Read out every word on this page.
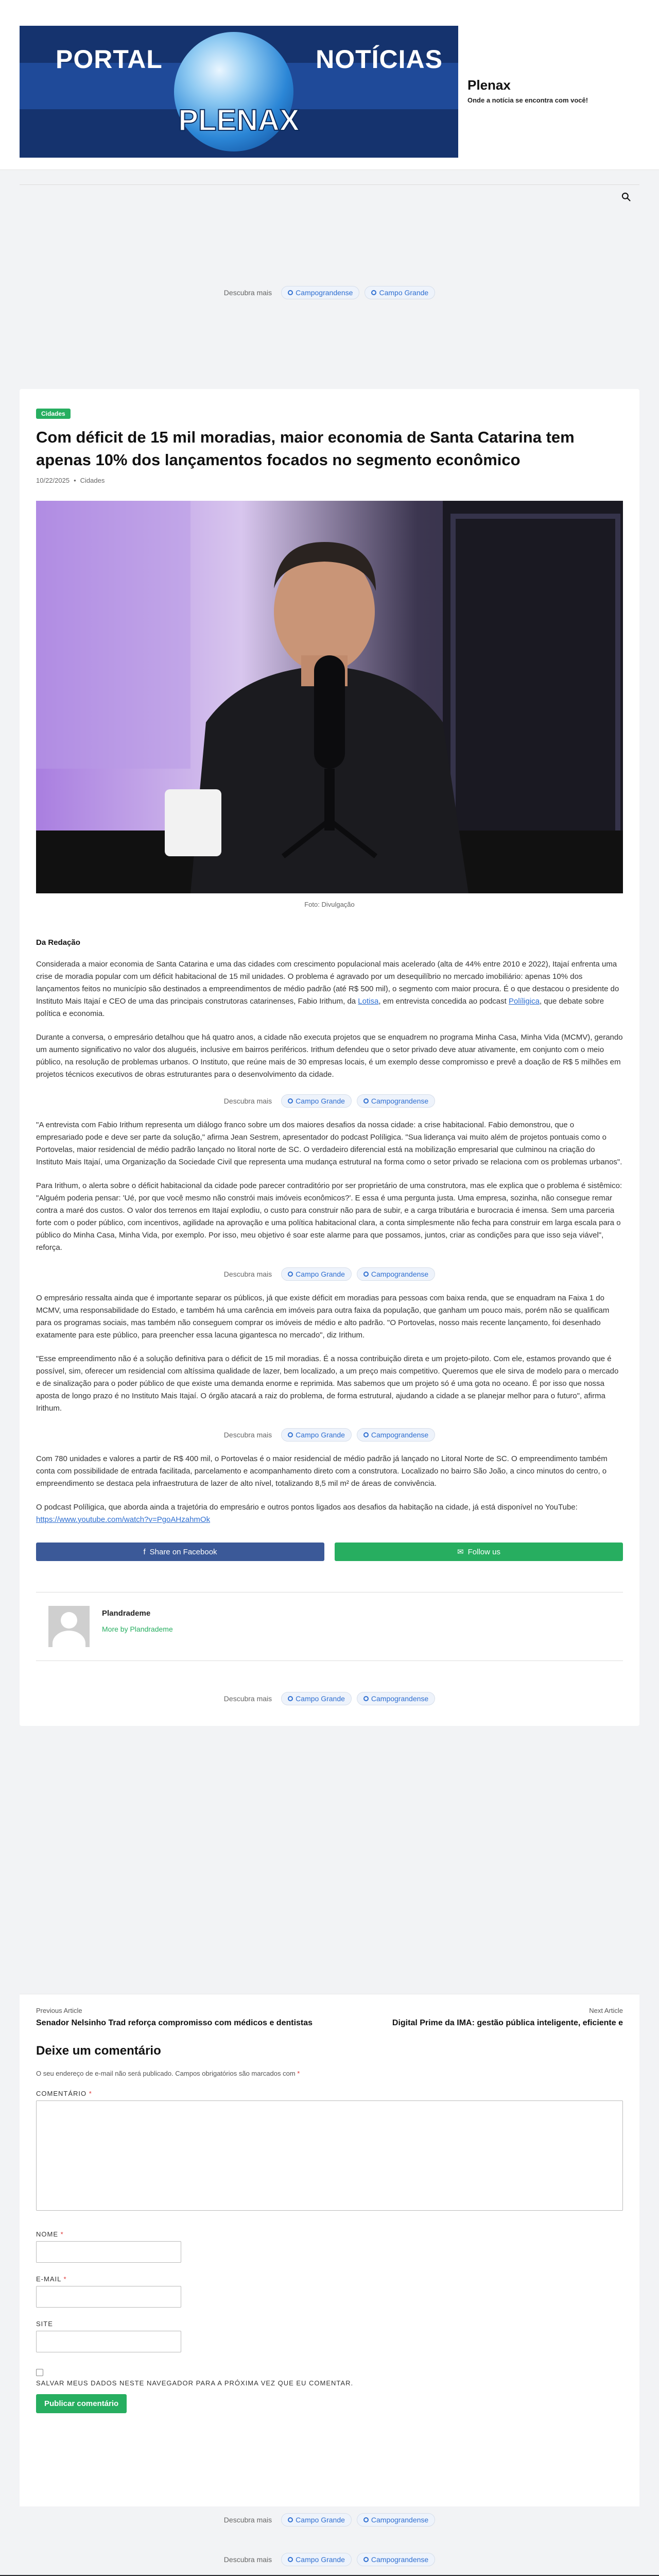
PORTAL	NOTÍCIAS
PLENAX
Plenax
Onde a notícia se encontra com você!
Descubra mais	Campograndense	Campo Grande
Cidades
Com déficit de 15 mil moradias, maior economia de Santa Catarina tem apenas 10% dos lançamentos focados no segmento econômico
10/22/2025 • Cidades
Foto: Divulgação
Da Redação

Considerada a maior economia de Santa Catarina e uma das cidades com crescimento populacional mais acelerado (alta de 44% entre 2010 e 2022), Itajaí enfrenta uma crise de moradia popular com um déficit habitacional de 15 mil unidades. O problema é agravado por um desequilíbrio no mercado imobiliário: apenas 10% dos lançamentos feitos no município são destinados a empreendimentos de médio padrão (até R$ 500 mil), o segmento com maior procura. É o que destacou o presidente do Instituto Mais Itajaí e CEO de uma das principais construtoras catarinenses, Fabio Irithum, da Lotisa, em entrevista concedida ao podcast Políligica, que debate sobre política e economia.

Durante a conversa, o empresário detalhou que há quatro anos, a cidade não executa projetos que se enquadrem no programa Minha Casa, Minha Vida (MCMV), gerando um aumento significativo no valor dos aluguéis, inclusive em bairros periféricos. Irithum defendeu que o setor privado deve atuar ativamente, em conjunto com o meio público, na resolução de problemas urbanos. O Instituto, que reúne mais de 30 empresas locais, é um exemplo desse compromisso e prevê a doação de R$ 5 milhões em projetos técnicos executivos de obras estruturantes para o desenvolvimento da cidade.

Descubra mais	Campo Grande	Campograndense

"A entrevista com Fabio Irithum representa um diálogo franco sobre um dos maiores desafios da nossa cidade: a crise habitacional. Fabio demonstrou, que o empresariado pode e deve ser parte da solução," afirma Jean Sestrem, apresentador do podcast Políligica. "Sua liderança vai muito além de projetos pontuais como o Portovelas, maior residencial de médio padrão lançado no litoral norte de SC. O verdadeiro diferencial está na mobilização empresarial que culminou na criação do Instituto Mais Itajaí, uma Organização da Sociedade Civil que representa uma mudança estrutural na forma como o setor privado se relaciona com os problemas urbanos".

Para Irithum, o alerta sobre o déficit habitacional da cidade pode parecer contraditório por ser proprietário de uma construtora, mas ele explica que o problema é sistêmico: "Alguém poderia pensar: 'Ué, por que você mesmo não constrói mais imóveis econômicos?'. E essa é uma pergunta justa. Uma empresa, sozinha, não consegue remar contra a maré dos custos. O valor dos terrenos em Itajaí explodiu, o custo para construir não para de subir, e a carga tributária e burocracia é imensa. Sem uma parceria forte com o poder público, com incentivos, agilidade na aprovação e uma política habitacional clara, a conta simplesmente não fecha para construir em larga escala para o público do Minha Casa, Minha Vida, por exemplo. Por isso, meu objetivo é soar este alarme para que possamos, juntos, criar as condições para que isso seja viável", reforça.

Descubra mais	Campo Grande	Campograndense

O empresário ressalta ainda que é importante separar os públicos, já que existe déficit em moradias para pessoas com baixa renda, que se enquadram na Faixa 1 do MCMV, uma responsabilidade do Estado, e também há uma carência em imóveis para outra faixa da população, que ganham um pouco mais, porém não se qualificam para os programas sociais, mas também não conseguem comprar os imóveis de médio e alto padrão. "O Portovelas, nosso mais recente lançamento, foi desenhado exatamente para este público, para preencher essa lacuna gigantesca no mercado", diz Irithum.

"Esse empreendimento não é a solução definitiva para o déficit de 15 mil moradias. É a nossa contribuição direta e um projeto-piloto. Com ele, estamos provando que é possível, sim, oferecer um residencial com altíssima qualidade de lazer, bem localizado, a um preço mais competitivo. Queremos que ele sirva de modelo para o mercado e de sinalização para o poder público de que existe uma demanda enorme e reprimida. Mas sabemos que um projeto só é uma gota no oceano. É por isso que nossa aposta de longo prazo é no Instituto Mais Itajaí. O órgão atacará a raiz do problema, de forma estrutural, ajudando a cidade a se planejar melhor para o futuro", afirma Irithum.

Descubra mais	Campo Grande	Campograndense

Com 780 unidades e valores a partir de R$ 400 mil, o Portovelas é o maior residencial de médio padrão já lançado no Litoral Norte de SC. O empreendimento também conta com possibilidade de entrada facilitada, parcelamento e acompanhamento direto com a construtora. Localizado no bairro São João, a cinco minutos do centro, o empreendimento se destaca pela infraestrutura de lazer de alto nível, totalizando 8,5 mil m² de áreas de convivência.

O podcast Políligica, que aborda ainda a trajetória do empresário e outros pontos ligados aos desafios da habitação na cidade, já está disponível no YouTube: https://www.youtube.com/watch?v=PgoAHzahmOk

f Share on Facebook	✉ Follow us
Plandrademe
More by Plandrademe
Descubra mais	Campo Grande	Campograndense
Previous Article
Senador Nelsinho Trad reforça compromisso com médicos e dentistas
Next Article
Digital Prime da IMA: gestão pública inteligente, eficiente e
Deixe um comentário
O seu endereço de e-mail não será publicado. Campos obrigatórios são marcados com *
COMENTÁRIO *
NOME *
E-MAIL *
SITE
SALVAR MEUS DADOS NESTE NAVEGADOR PARA A PRÓXIMA VEZ QUE EU COMENTAR.
Publicar comentário
Descubra mais	Campo Grande	Campograndense
Descubra mais	Campo Grande	Campograndense
